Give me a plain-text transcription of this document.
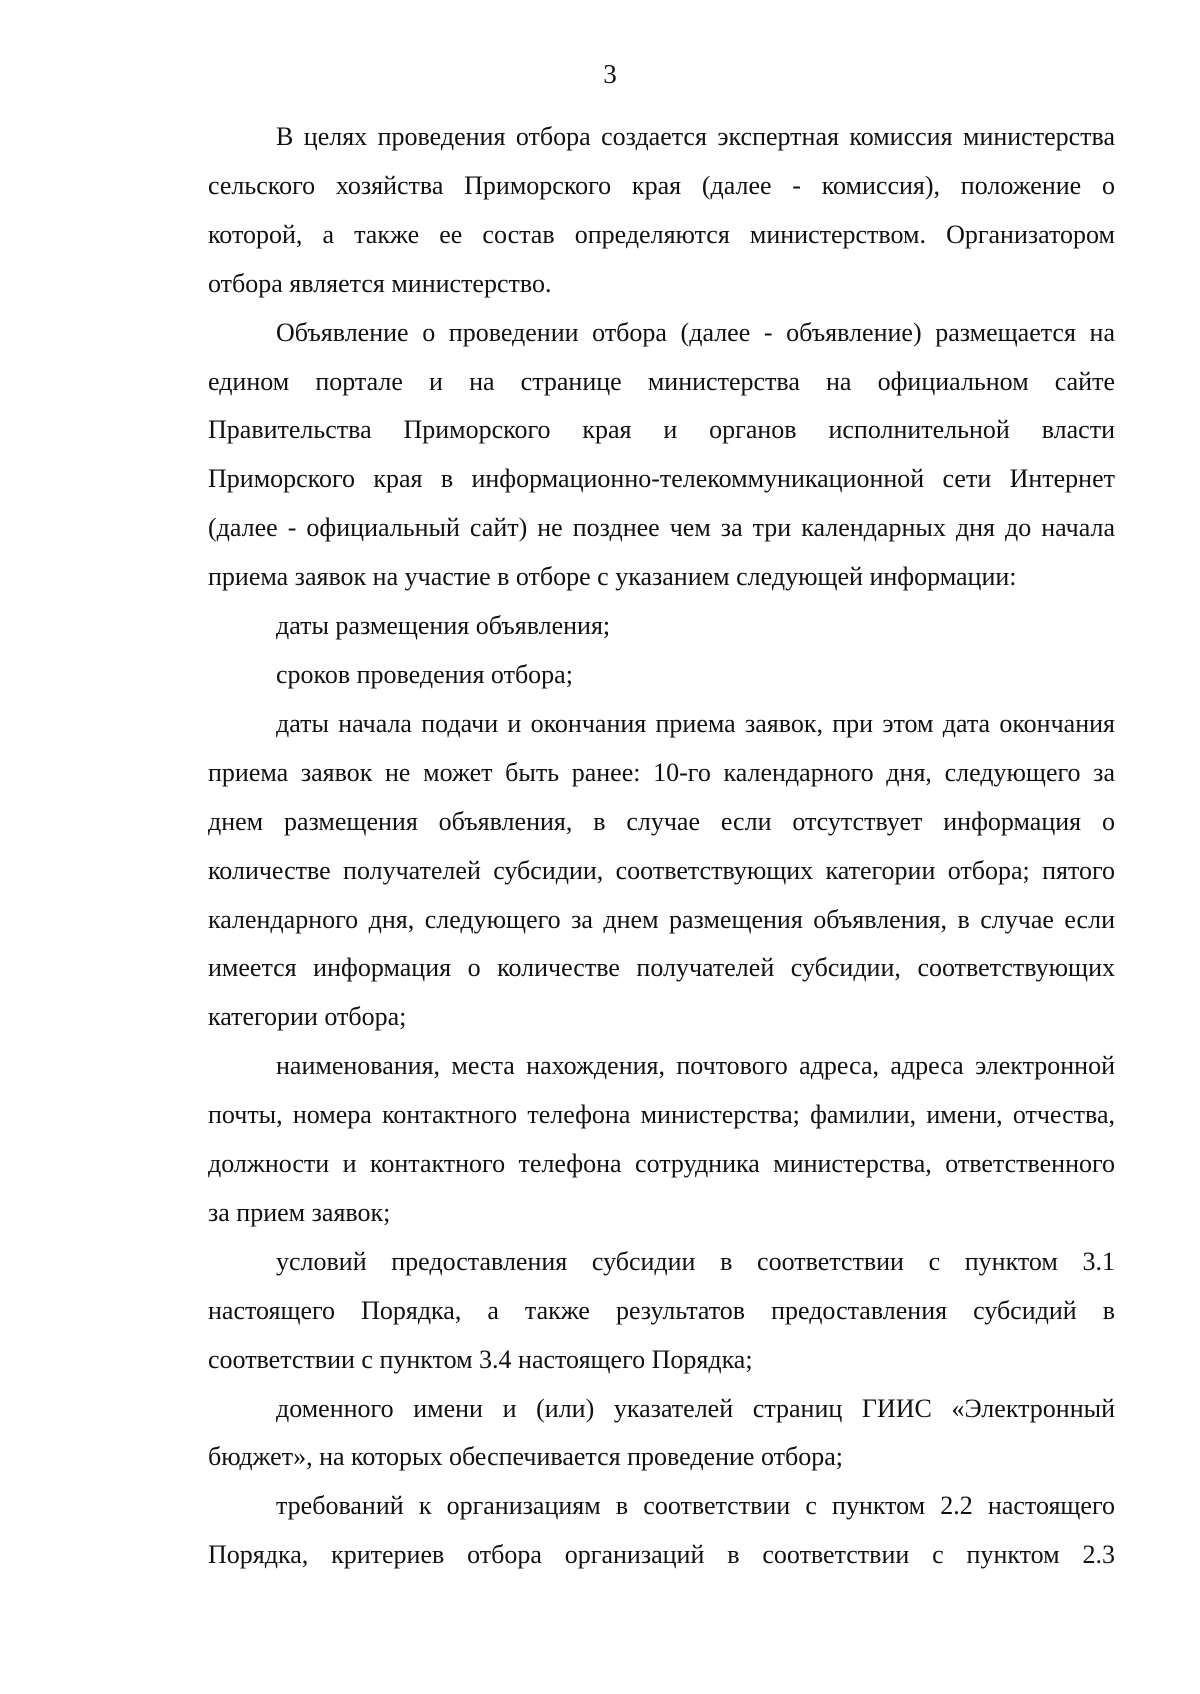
3
В целях проведения отбора создается экспертная комиссия министерства
сельского хозяйства Приморского края (далее - комиссия), положение о
которой, а также ее состав определяются министерством. Организатором
отбора является министерство.
Объявление о проведении отбора (далее - объявление) размещается на
едином портале и на странице министерства на официальном сайте
Правительства Приморского края и органов исполнительной власти
Приморского края в информационно-телекоммуникационной сети Интернет
(далее - официальный сайт) не позднее чем за три календарных дня до начала
приема заявок на участие в отборе с указанием следующей информации:
даты размещения объявления;
сроков проведения отбора;
даты начала подачи и окончания приема заявок, при этом дата окончания
приема заявок не может быть ранее: 10-го календарного дня, следующего за
днем размещения объявления, в случае если отсутствует информация о
количестве получателей субсидии, соответствующих категории отбора; пятого
календарного дня, следующего за днем размещения объявления, в случае если
имеется информация о количестве получателей субсидии, соответствующих
категории отбора;
наименования, места нахождения, почтового адреса, адреса электронной
почты, номера контактного телефона министерства; фамилии, имени, отчества,
должности и контактного телефона сотрудника министерства, ответственного
за прием заявок;
условий предоставления субсидии в соответствии с пунктом 3.1
настоящего Порядка, а также результатов предоставления субсидий в
соответствии с пунктом 3.4 настоящего Порядка;
доменного имени и (или) указателей страниц ГИИС «Электронный
бюджет», на которых обеспечивается проведение отбора;
требований к организациям в соответствии с пунктом 2.2 настоящего
Порядка, критериев отбора организаций в соответствии с пунктом 2.3
